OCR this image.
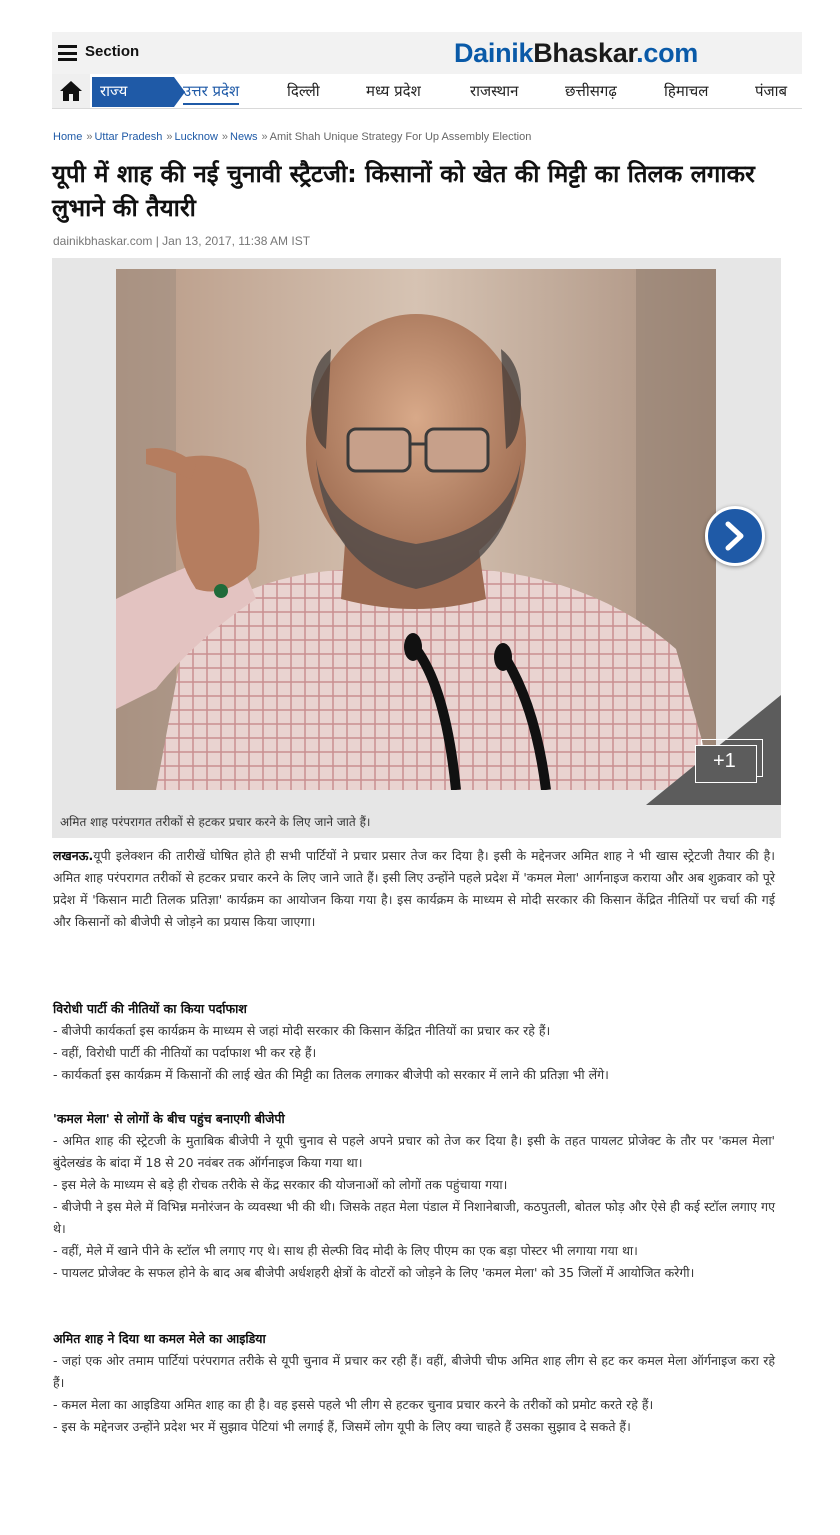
Section	DainikBhaskar.com
राज्य	उत्तर प्रदेश	दिल्ली	मध्य प्रदेश	राजस्थान	छत्तीसगढ़	हिमाचल	पंजाब
Home » Uttar Pradesh » Lucknow » News » Amit Shah Unique Strategy For Up Assembly Election
यूपी में शाह की नई चुनावी स्ट्रैटजी: किसानों को खेत की मिट्टी का तिलक लगाकर लुभाने की तैयारी
dainikbhaskar.com | Jan 13, 2017, 11:38 AM IST
+1
अमित शाह परंपरागत तरीकों से हटकर प्रचार करने के लिए जाने जाते हैं।
लखनऊ.यूपी इलेक्शन की तारीखें घोषित होते ही सभी पार्टियों ने प्रचार प्रसार तेज कर दिया है। इसी के मद्देनजर अमित शाह ने भी खास स्ट्रेटजी तैयार की है। अमित शाह परंपरागत तरीकों से हटकर प्रचार करने के लिए जाने जाते हैं। इसी लिए उन्होंने पहले प्रदेश में 'कमल मेला' आर्गनाइज कराया और अब शुक्रवार को पूरे प्रदेश में 'किसान माटी तिलक प्रतिज्ञा' कार्यक्रम का आयोजन किया गया है। इस कार्यक्रम के माध्यम से मोदी सरकार की किसान केंद्रित नीतियों पर चर्चा की गई और किसानों को बीजेपी से जोड़ने का प्रयास किया जाएगा।
विरोधी पार्टी की नीतियों का किया पर्दाफाश
- बीजेपी कार्यकर्ता इस कार्यक्रम के माध्यम से जहां मोदी सरकार की किसान केंद्रित नीतियों का प्रचार कर रहे हैं।
- वहीं, विरोधी पार्टी की नीतियों का पर्दाफाश भी कर रहे हैं।
- कार्यकर्ता इस कार्यक्रम में किसानों की लाई खेत की मिट्टी का तिलक लगाकर बीजेपी को सरकार में लाने की प्रतिज्ञा भी लेंगे।
'कमल मेला' से लोगों के बीच पहुंच बनाएगी बीजेपी
- अमित शाह की स्ट्रेटजी के मुताबिक बीजेपी ने यूपी चुनाव से पहले अपने प्रचार को तेज कर दिया है। इसी के तहत पायलट प्रोजेक्ट के तौर पर 'कमल मेला' बुंदेलखंड के बांदा में 18 से 20 नवंबर तक ऑर्गनाइज किया गया था।
- इस मेले के माध्यम से बड़े ही रोचक तरीके से केंद्र सरकार की योजनाओं को लोगों तक पहुंचाया गया।
- बीजेपी ने इस मेले में विभिन्न मनोरंजन के व्यवस्था भी की थी। जिसके तहत मेला पंडाल में निशानेबाजी, कठपुतली, बोतल फोड़ और ऐसे ही कई स्टॉल लगाए गए थे।
- वहीं, मेले में खाने पीने के स्टॉल भी लगाए गए थे। साथ ही सेल्फी विद मोदी के लिए पीएम का एक बड़ा पोस्टर भी लगाया गया था।
- पायलट प्रोजेक्ट के सफल होने के बाद अब बीजेपी अर्धशहरी क्षेत्रों के वोटरों को जोड़ने के लिए 'कमल मेला' को 35 जिलों में आयोजित करेगी।
अमित शाह ने दिया था कमल मेले का आइडिया
- जहां एक ओर तमाम पार्टियां परंपरागत तरीके से यूपी चुनाव में प्रचार कर रही हैं। वहीं, बीजेपी चीफ अमित शाह लीग से हट कर कमल मेला ऑर्गनाइज करा रहे हैं।
- कमल मेला का आइडिया अमित शाह का ही है। वह इससे पहले भी लीग से हटकर चुनाव प्रचार करने के तरीकों को प्रमोट करते रहे हैं।
- इस के मद्देनजर उन्होंने प्रदेश भर में सुझाव पेटियां भी लगाई हैं, जिसमें लोग यूपी के लिए क्या चाहते हैं उसका सुझाव दे सकते हैं।
